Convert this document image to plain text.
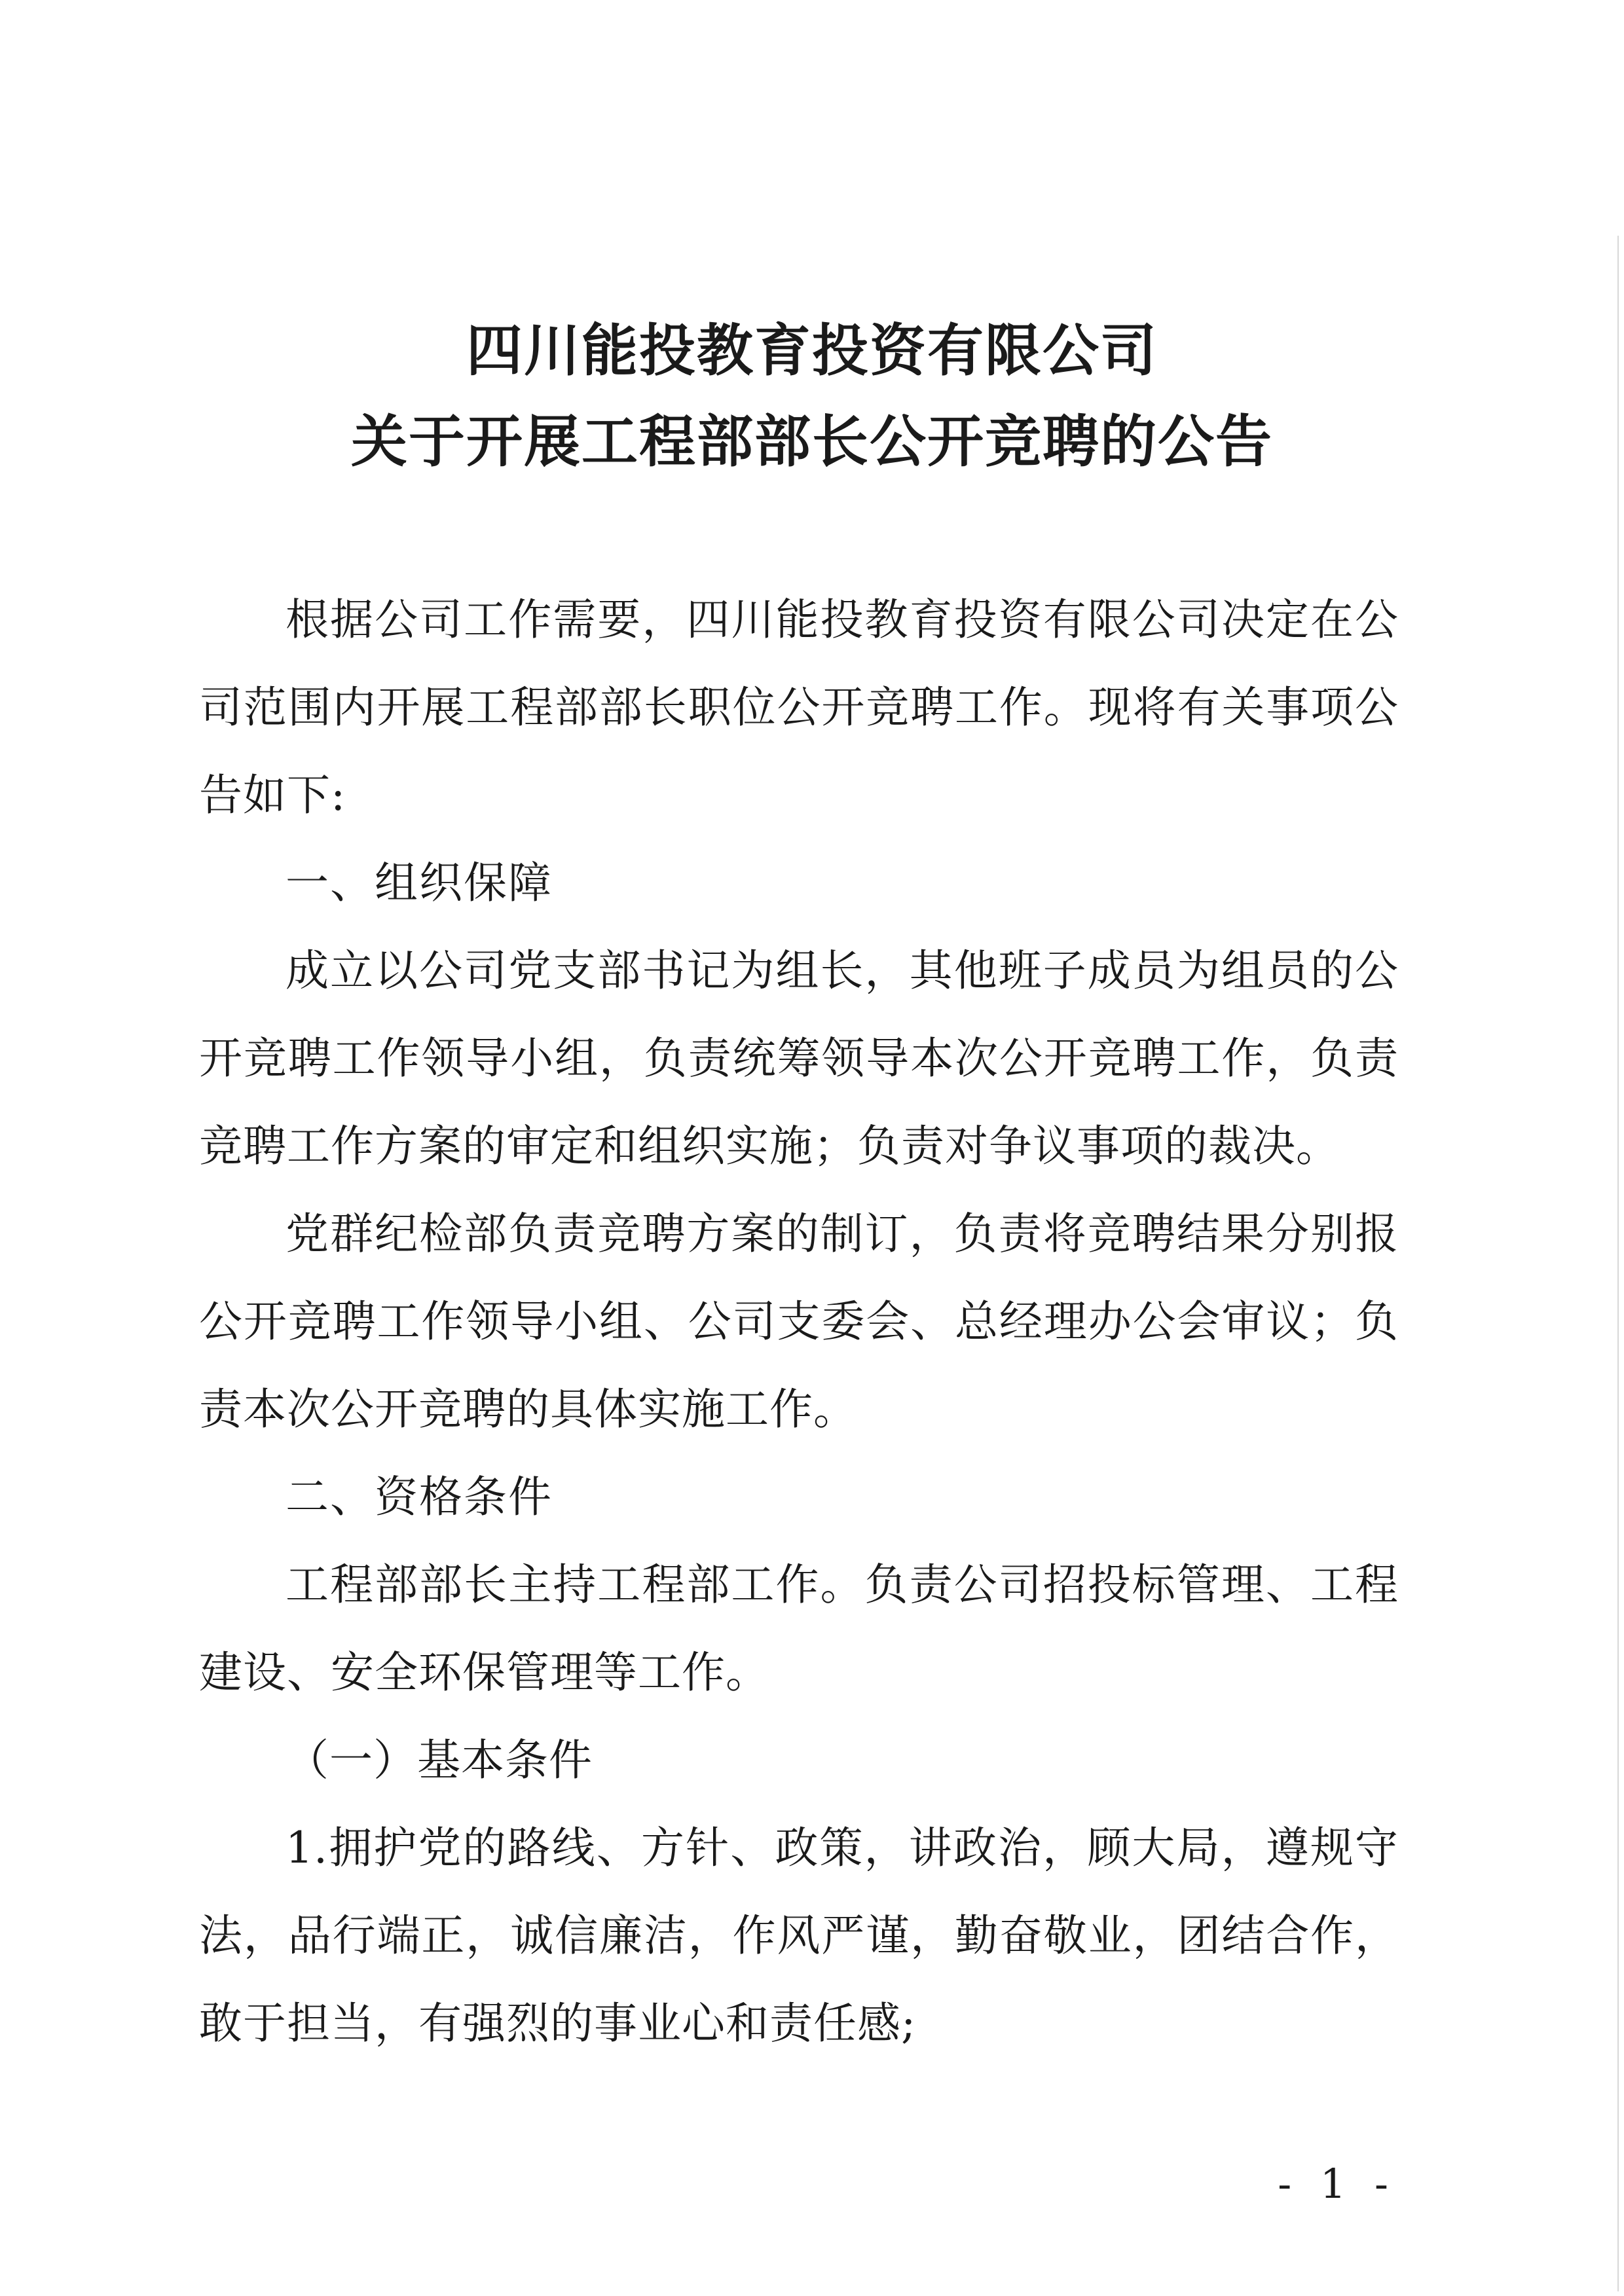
四川能投教育投资有限公司
关于开展工程部部长公开竞聘的公告

根据公司工作需要，四川能投教育投资有限公司决定在公司范围内开展工程部部长职位公开竞聘工作。现将有关事项公告如下:

一、组织保障

成立以公司党支部书记为组长，其他班子成员为组员的公开竞聘工作领导小组，负责统筹领导本次公开竞聘工作，负责竞聘工作方案的审定和组织实施；负责对争议事项的裁决。

党群纪检部负责竞聘方案的制订，负责将竞聘结果分别报公开竞聘工作领导小组、公司支委会、总经理办公会审议；负责本次公开竞聘的具体实施工作。

二、资格条件

工程部部长主持工程部工作。负责公司招投标管理、工程建设、安全环保管理等工作。

（一）基本条件

1.拥护党的路线、方针、政策，讲政治，顾大局，遵规守法，品行端正，诚信廉洁，作风严谨，勤奋敬业，团结合作，敢于担当，有强烈的事业心和责任感;

- 1 -
